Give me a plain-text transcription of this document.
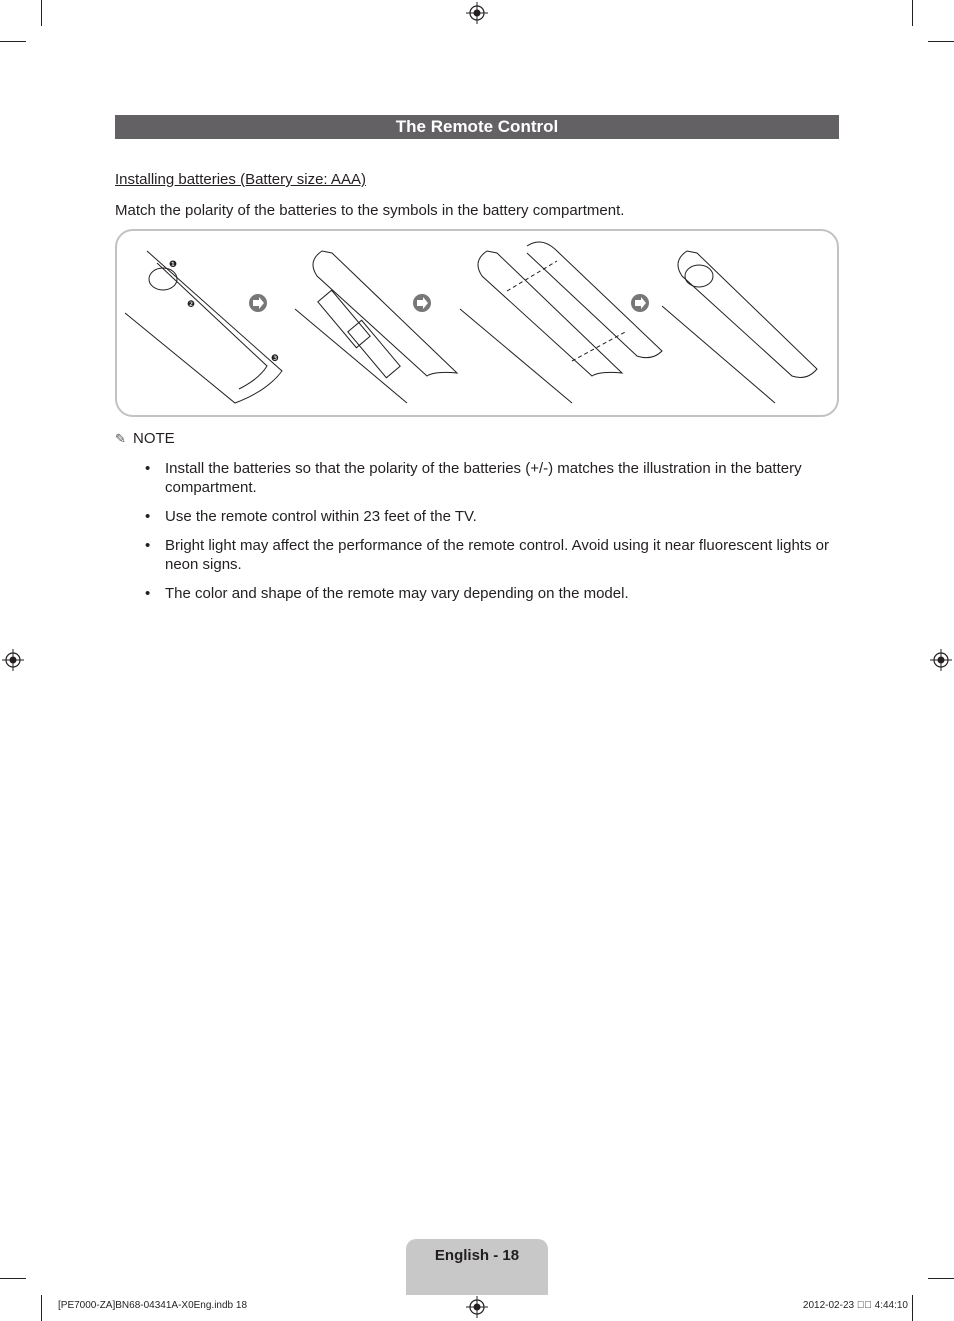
The Remote Control
Installing batteries (Battery size: AAA)
Match the polarity of the batteries to the symbols in the battery compartment.
❶
❷
❸
✎ NOTE
• Install the batteries so that the polarity of the batteries (+/-) matches the illustration in the battery compartment.
• Use the remote control within 23 feet of the TV.
• Bright light may affect the performance of the remote control. Avoid using it near fluorescent lights or neon signs.
• The color and shape of the remote may vary depending on the model.
English - 18
[PE7000-ZA]BN68-04341A-X0Eng.indb 18	2012-02-23    4:44:10
